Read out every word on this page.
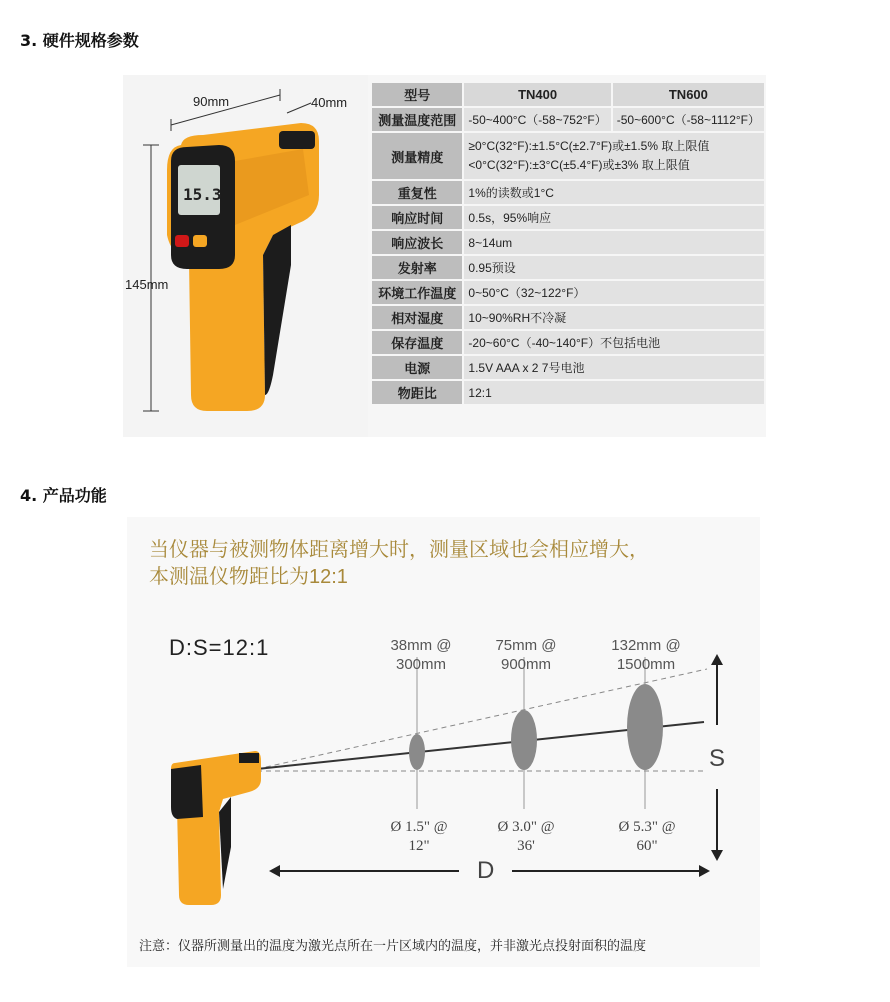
3. 硬件规格参数
90mm	40mm
145mm
15.3
型号	TN400	TN600
测量温度范围	-50~400°C（-58~752°F）	-50~600°C（-58~1112°F）
测量精度	≥0°C(32°F):±1.5°C(±2.7°F)或±1.5% 取上限值
<0°C(32°F):±3°C(±5.4°F)或±3% 取上限值	

重复性	1%的读数或1°C	
响应时间	0.5s，95%响应	
响应波长	8~14um	
发射率	0.95预设	
环境工作温度	0~50°C（32~122°F）	
相对湿度	10~90%RH不冷凝	
保存温度	-20~60°C（-40~140°F）不包括电池	
电源	1.5V AAA x 2 7号电池	
物距比	12:1	
4. 产品功能
当仪器与被测物体距离增大时，测量区域也会相应增大，
本测温仪物距比为12:1
D:S=12:1	38mm @
300mm
75mm @
900mm
132mm @
1500mm
Ø 1.5" @
12"
Ø 3.0" @
36'
Ø 5.3" @
60"
S
D
注意：仪器所测量出的温度为激光点所在一片区域内的温度，并非激光点投射面积的温度
